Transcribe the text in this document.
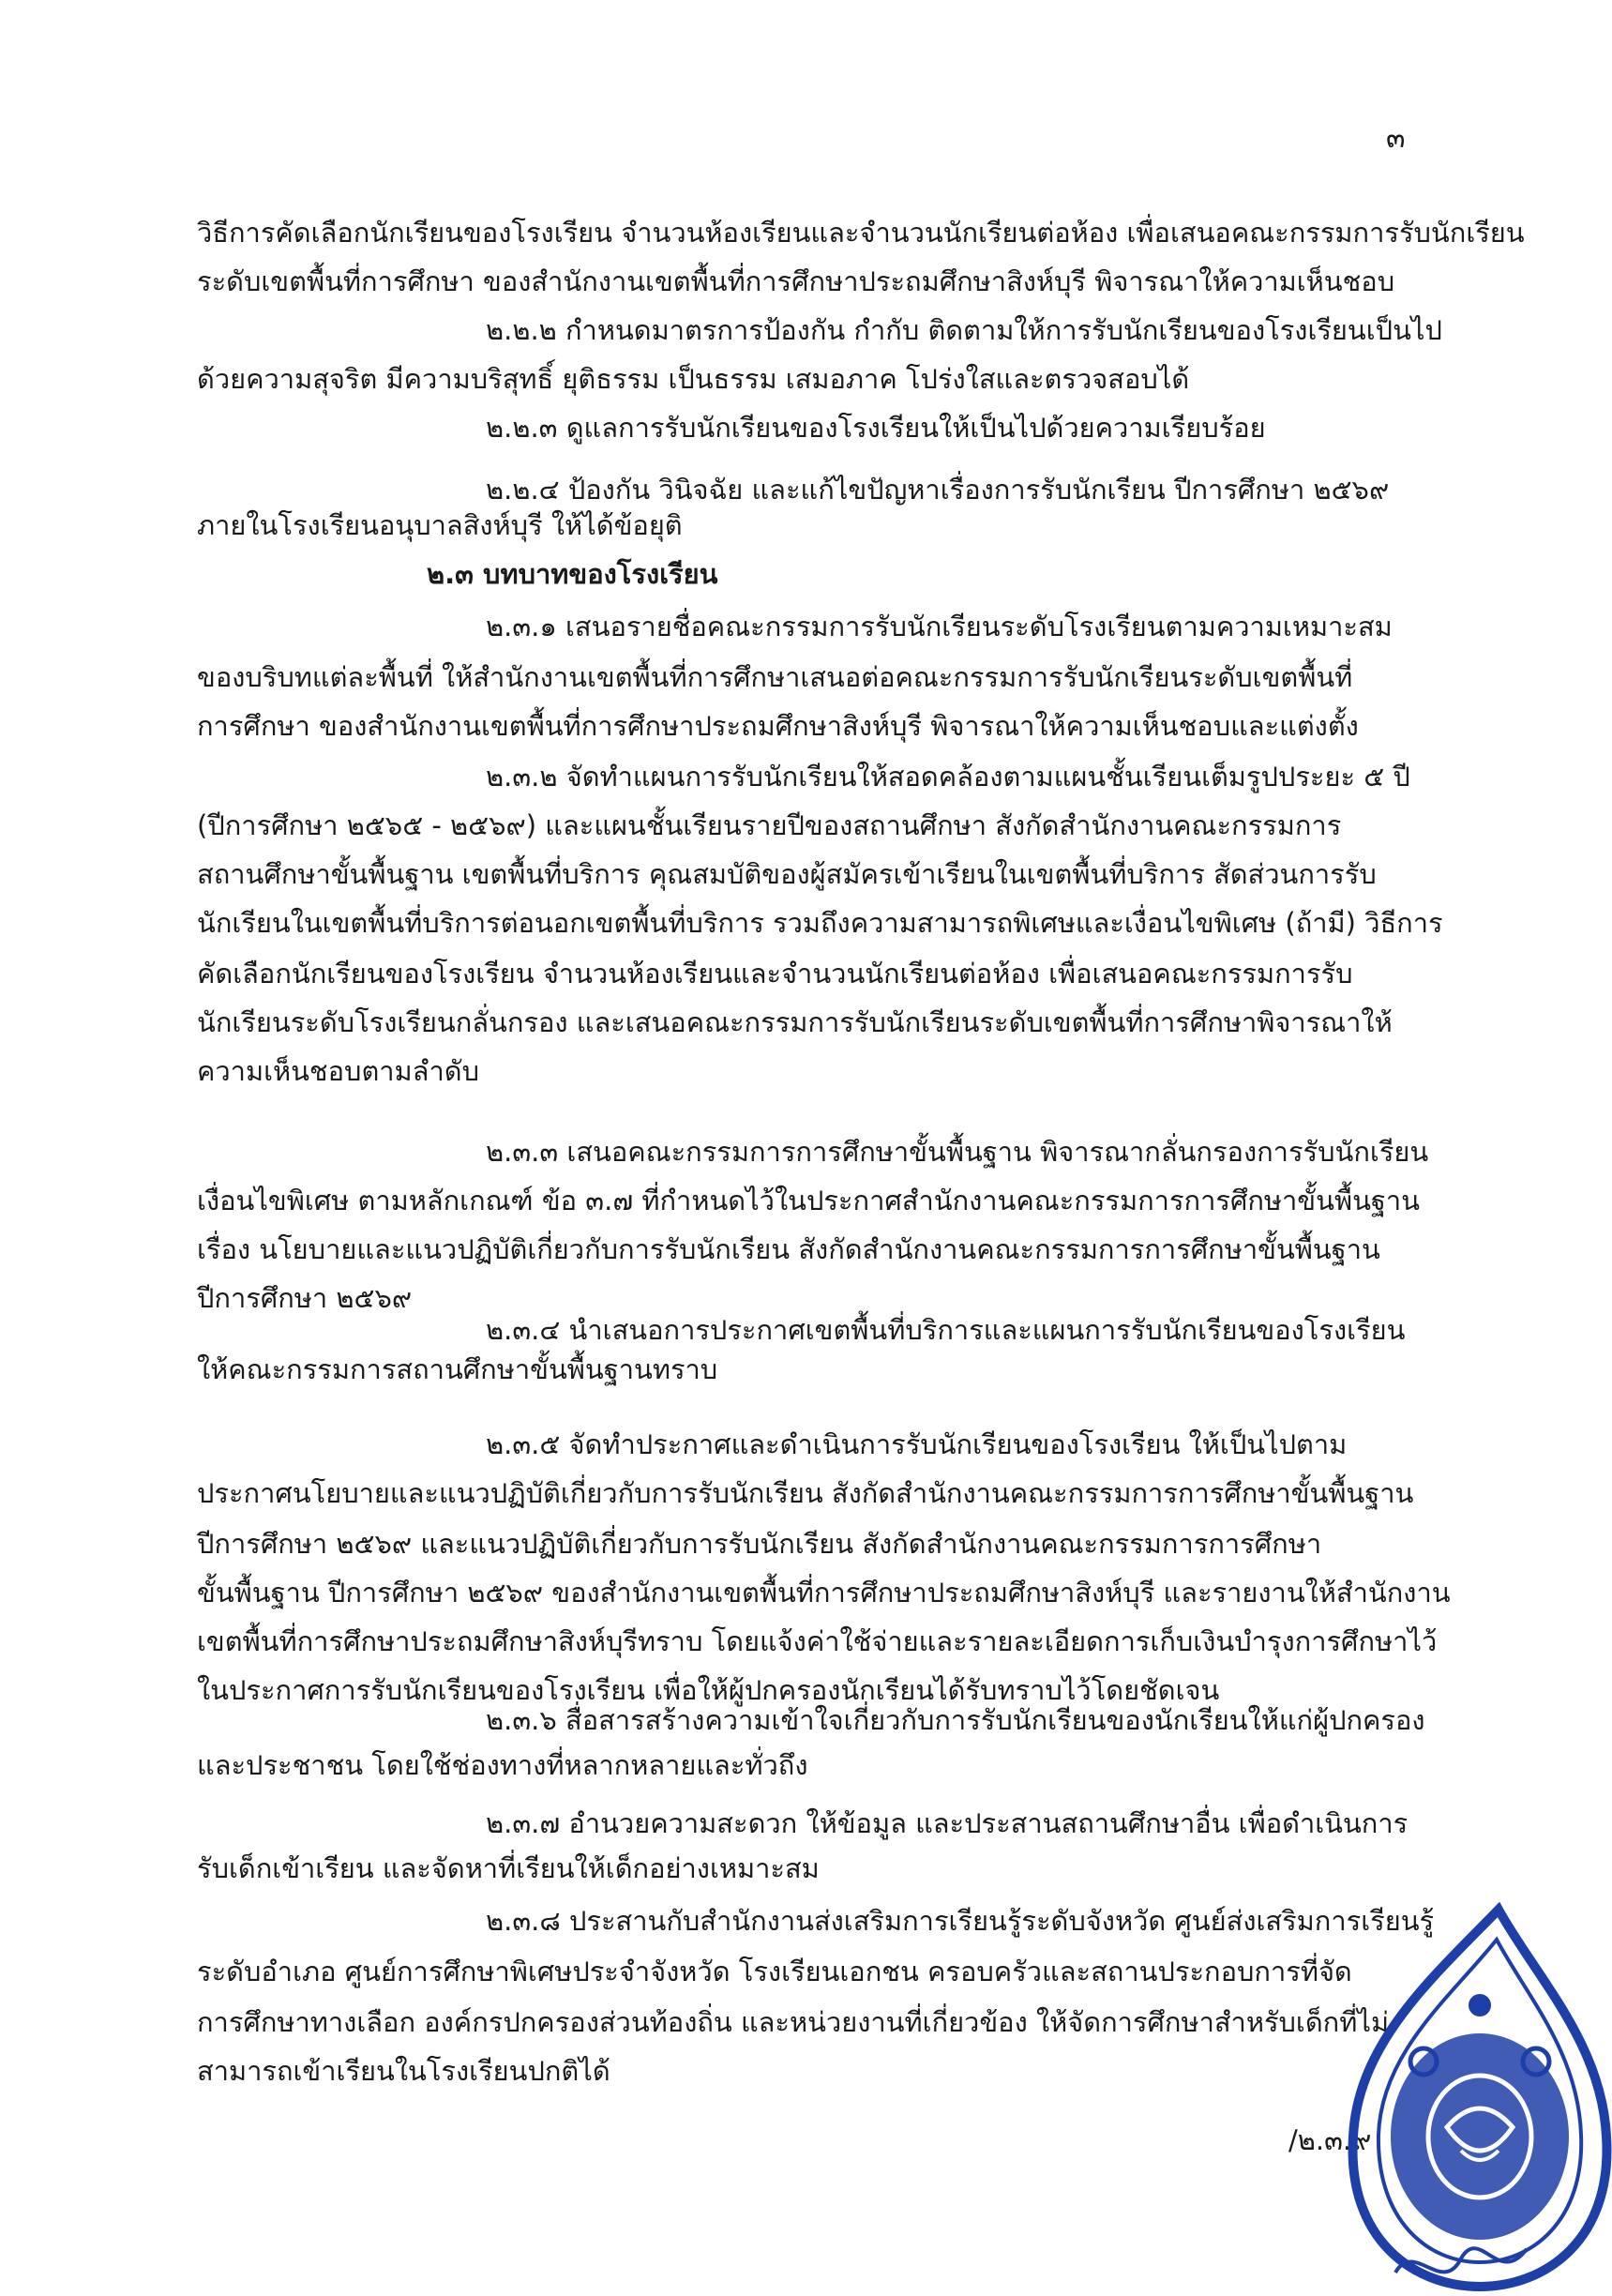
๓

วิธีการคัดเลือกนักเรียนของโรงเรียน จำนวนห้องเรียนและจำนวนนักเรียนต่อห้อง เพื่อเสนอคณะกรรมการรับนักเรียน

ระดับเขตพื้นที่การศึกษา ของสำนักงานเขตพื้นที่การศึกษาประถมศึกษาสิงห์บุรี พิจารณาให้ความเห็นชอบ

๒.๒.๒ กำหนดมาตรการป้องกัน กำกับ ติดตามให้การรับนักเรียนของโรงเรียนเป็นไป

ด้วยความสุจริต มีความบริสุทธิ์ ยุติธรรม เป็นธรรม เสมอภาค โปร่งใสและตรวจสอบได้

๒.๒.๓ ดูแลการรับนักเรียนของโรงเรียนให้เป็นไปด้วยความเรียบร้อย

๒.๒.๔ ป้องกัน วินิจฉัย และแก้ไขปัญหาเรื่องการรับนักเรียน ปีการศึกษา ๒๕๖๙

ภายในโรงเรียนอนุบาลสิงห์บุรี ให้ได้ข้อยุติ

๒.๓ บทบาทของโรงเรียน

๒.๓.๑ เสนอรายชื่อคณะกรรมการรับนักเรียนระดับโรงเรียนตามความเหมาะสม

ของบริบทแต่ละพื้นที่ ให้สำนักงานเขตพื้นที่การศึกษาเสนอต่อคณะกรรมการรับนักเรียนระดับเขตพื้นที่

การศึกษา ของสำนักงานเขตพื้นที่การศึกษาประถมศึกษาสิงห์บุรี พิจารณาให้ความเห็นชอบและแต่งตั้ง

๒.๓.๒ จัดทำแผนการรับนักเรียนให้สอดคล้องตามแผนชั้นเรียนเต็มรูปประยะ ๕ ปี

(ปีการศึกษา ๒๕๖๕ - ๒๕๖๙) และแผนชั้นเรียนรายปีของสถานศึกษา สังกัดสำนักงานคณะกรรมการ

สถานศึกษาขั้นพื้นฐาน เขตพื้นที่บริการ คุณสมบัติของผู้สมัครเข้าเรียนในเขตพื้นที่บริการ สัดส่วนการรับ

นักเรียนในเขตพื้นที่บริการต่อนอกเขตพื้นที่บริการ รวมถึงความสามารถพิเศษและเงื่อนไขพิเศษ (ถ้ามี) วิธีการ

คัดเลือกนักเรียนของโรงเรียน จำนวนห้องเรียนและจำนวนนักเรียนต่อห้อง เพื่อเสนอคณะกรรมการรับ

นักเรียนระดับโรงเรียนกลั่นกรอง และเสนอคณะกรรมการรับนักเรียนระดับเขตพื้นที่การศึกษาพิจารณาให้

ความเห็นชอบตามลำดับ

๒.๓.๓ เสนอคณะกรรมการการศึกษาขั้นพื้นฐาน พิจารณากลั่นกรองการรับนักเรียน

เงื่อนไขพิเศษ ตามหลักเกณฑ์ ข้อ ๓.๗ ที่กำหนดไว้ในประกาศสำนักงานคณะกรรมการการศึกษาขั้นพื้นฐาน

เรื่อง นโยบายและแนวปฏิบัติเกี่ยวกับการรับนักเรียน สังกัดสำนักงานคณะกรรมการการศึกษาขั้นพื้นฐาน

ปีการศึกษา ๒๕๖๙

๒.๓.๔ นำเสนอการประกาศเขตพื้นที่บริการและแผนการรับนักเรียนของโรงเรียน

ให้คณะกรรมการสถานศึกษาขั้นพื้นฐานทราบ

๒.๓.๕ จัดทำประกาศและดำเนินการรับนักเรียนของโรงเรียน ให้เป็นไปตาม

ประกาศนโยบายและแนวปฏิบัติเกี่ยวกับการรับนักเรียน สังกัดสำนักงานคณะกรรมการการศึกษาขั้นพื้นฐาน

ปีการศึกษา ๒๕๖๙ และแนวปฏิบัติเกี่ยวกับการรับนักเรียน สังกัดสำนักงานคณะกรรมการการศึกษา

ขั้นพื้นฐาน ปีการศึกษา ๒๕๖๙ ของสำนักงานเขตพื้นที่การศึกษาประถมศึกษาสิงห์บุรี และรายงานให้สำนักงาน

เขตพื้นที่การศึกษาประถมศึกษาสิงห์บุรีทราบ โดยแจ้งค่าใช้จ่ายและรายละเอียดการเก็บเงินบำรุงการศึกษาไว้

ในประกาศการรับนักเรียนของโรงเรียน เพื่อให้ผู้ปกครองนักเรียนได้รับทราบไว้โดยชัดเจน

๒.๓.๖ สื่อสารสร้างความเข้าใจเกี่ยวกับการรับนักเรียนของนักเรียนให้แก่ผู้ปกครอง

และประชาชน โดยใช้ช่องทางที่หลากหลายและทั่วถึง

๒.๓.๗ อำนวยความสะดวก ให้ข้อมูล และประสานสถานศึกษาอื่น เพื่อดำเนินการ

รับเด็กเข้าเรียน และจัดหาที่เรียนให้เด็กอย่างเหมาะสม

๒.๓.๘ ประสานกับสำนักงานส่งเสริมการเรียนรู้ระดับจังหวัด ศูนย์ส่งเสริมการเรียนรู้

ระดับอำเภอ ศูนย์การศึกษาพิเศษประจำจังหวัด โรงเรียนเอกชน ครอบครัวและสถานประกอบการที่จัด

การศึกษาทางเลือก องค์กรปกครองส่วนท้องถิ่น และหน่วยงานที่เกี่ยวข้อง ให้จัดการศึกษาสำหรับเด็กที่ไม่

สามารถเข้าเรียนในโรงเรียนปกติได้

/๒.๓.๙
